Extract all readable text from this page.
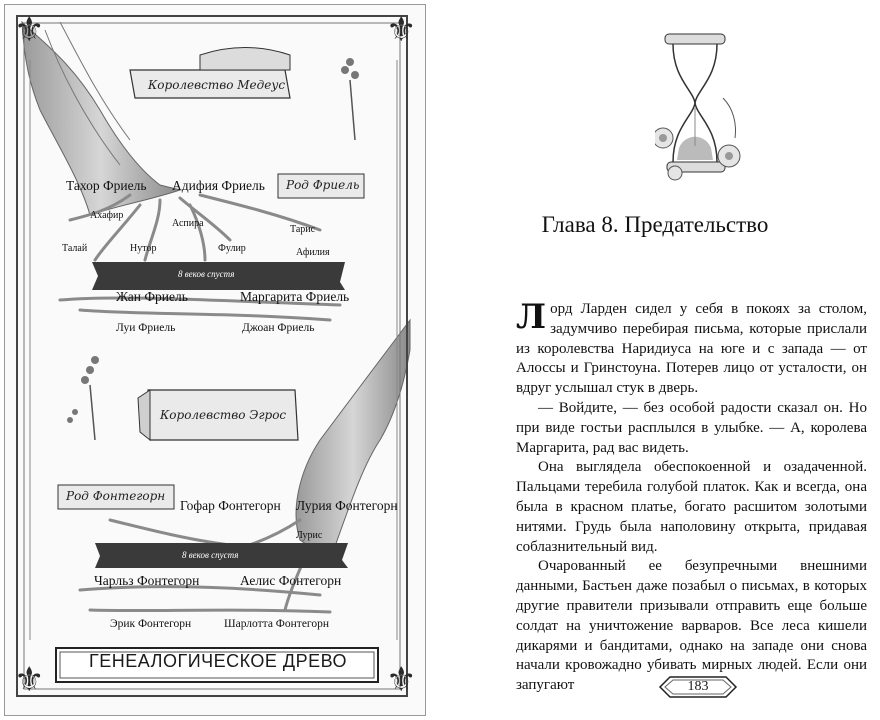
⚜	⚜
⚜	⚜
Королевство Медеус
Род Фриель
Тахор Фриель Адифия Фриель
Ахафир
Аспира
Тарис
Талай	Нутор	Фулир	Афилия
8 веков спустя
Жан Фриель	Маргарита Фриель
Луи Фриель	Джоан Фриель
Королевство Эгрос
Род Фонтегорн
Гофар Фонтегорн Лурия Фонтегорн
Лурис
8 веков спустя
Чарльз Фонтегорн	Аелис Фонтегорн
Эрик Фонтегорн	Шарлотта Фонтегорн
ГЕНЕАЛОГИЧЕСКОЕ ДРЕВО
Глава 8. Предательство

Лорд Ларден сидел у себя в покоях за столом, задумчиво перебирая письма, которые прислали из королевства Наридиуса на юге и с запада — от Алоссы и Гринстоуна. Потерев лицо от усталости, он вдруг услышал стук в дверь.

— Войдите, — без особой радости сказал он. Но при виде гостьи расплылся в улыбке. — А, королева Маргарита, рад вас видеть.

Она выглядела обеспокоенной и озадаченной. Пальцами теребила голубой платок. Как и всегда, она была в красном платье, богато расшитом золотыми нитями. Грудь была наполовину открыта, придавая соблазнительный вид.

Очарованный ее безупречными внешними данными, Бастьен даже позабыл о письмах, в которых другие правители призывали отправить еще больше солдат на уничтожение варваров. Все леса кишели дикарями и бандитами, однако на западе они снова начали кровожадно убивать мирных людей. Если они запугают	183
